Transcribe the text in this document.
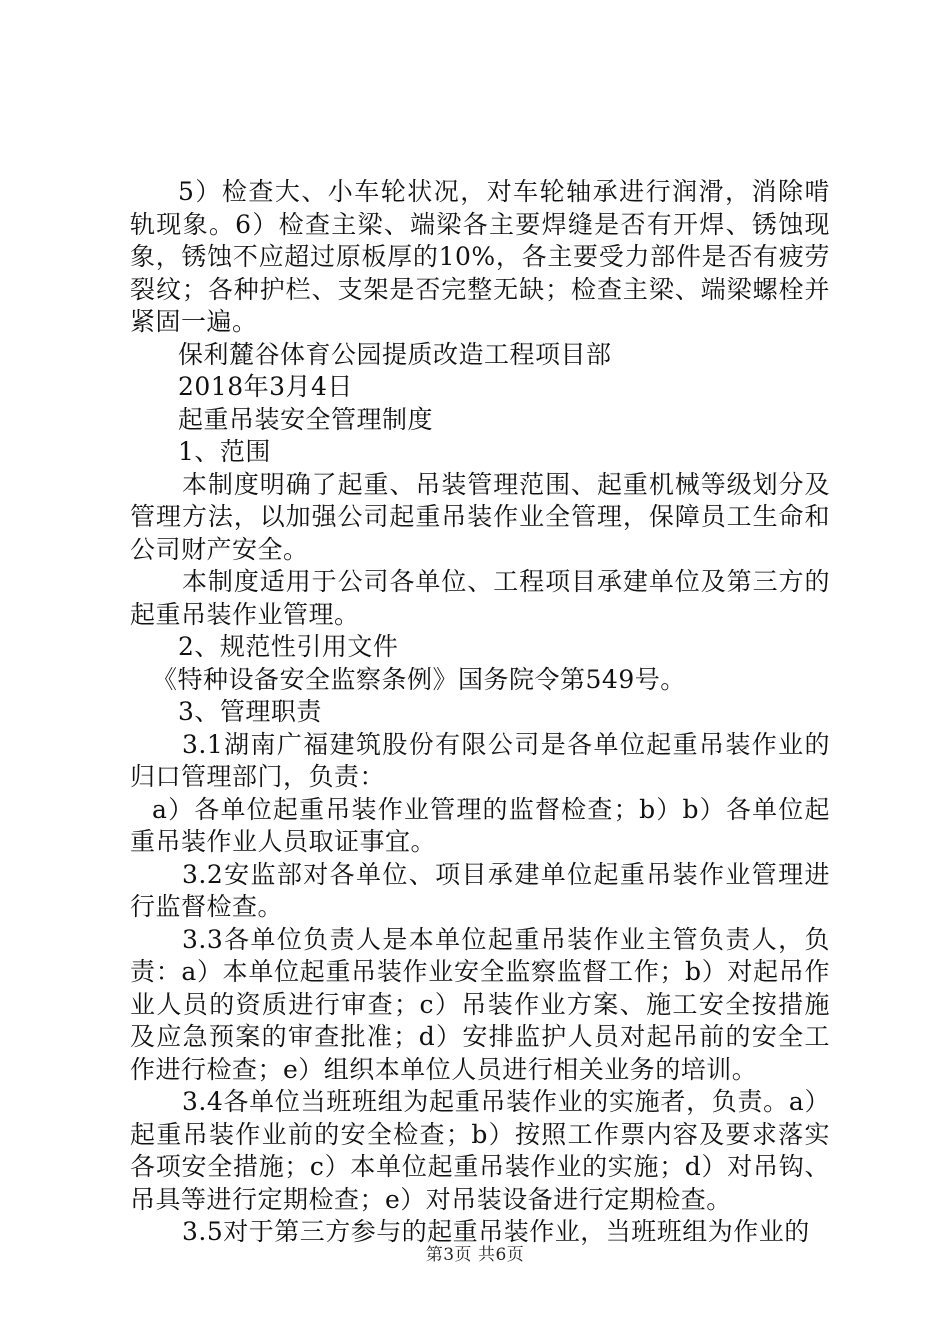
5）检查大、小车轮状况，对车轮轴承进行润滑，消除啃轨现象。6）检查主梁、端梁各主要焊缝是否有开焊、锈蚀现象，锈蚀不应超过原板厚的10%，各主要受力部件是否有疲劳裂纹；各种护栏、支架是否完整无缺；检查主梁、端梁螺栓并紧固一遍。

保利麓谷体育公园提质改造工程项目部

2018年3月4日

起重吊装安全管理制度

1、范围

本制度明确了起重、吊装管理范围、起重机械等级划分及管理方法，以加强公司起重吊装作业全管理，保障员工生命和公司财产安全。

本制度适用于公司各单位、工程项目承建单位及第三方的起重吊装作业管理。

2、规范性引用文件

《特种设备安全监察条例》国务院令第549号。

3、管理职责

3.1湖南广福建筑股份有限公司是各单位起重吊装作业的归口管理部门，负责：

a）各单位起重吊装作业管理的监督检查；b）b）各单位起重吊装作业人员取证事宜。

3.2安监部对各单位、项目承建单位起重吊装作业管理进行监督检查。

3.3各单位负责人是本单位起重吊装作业主管负责人，负责：a）本单位起重吊装作业安全监察监督工作；b）对起吊作业人员的资质进行审查；c）吊装作业方案、施工安全按措施及应急预案的审查批准；d）安排监护人员对起吊前的安全工作进行检查；e）组织本单位人员进行相关业务的培训。

3.4各单位当班班组为起重吊装作业的实施者，负责。a）起重吊装作业前的安全检查；b）按照工作票内容及要求落实各项安全措施；c）本单位起重吊装作业的实施；d）对吊钩、吊具等进行定期检查；e）对吊装设备进行定期检查。

3.5对于第三方参与的起重吊装作业，当班班组为作业的

第3页 共6页
